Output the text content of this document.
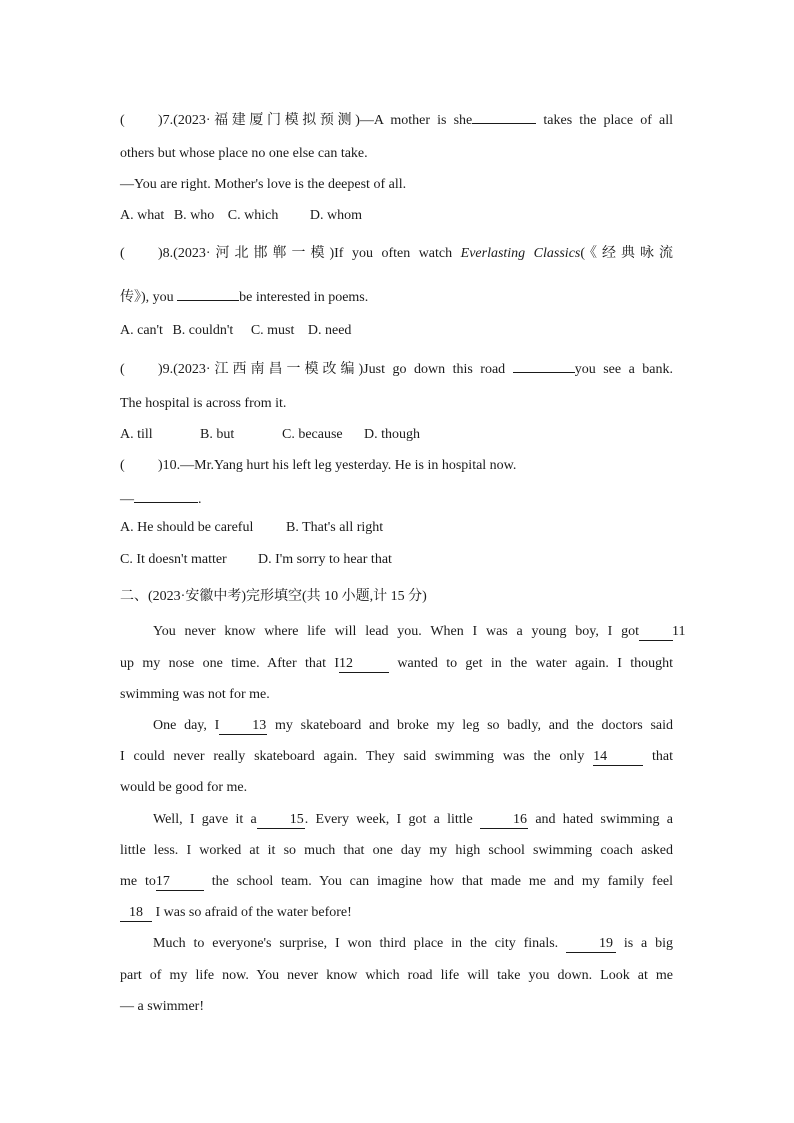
( )7.(2023·福建厦门模拟预测)—A mother is she	takes the place of all
others but whose place no one else can take.
—You are right. Mother's love is the deepest of all.
A. what B. who C. which D. whom
( )8.(2023·河北邯郸一模)If you often watch Everlasting Classics(《经典咏流
传》), you	be interested in poems.
A. can't B. couldn't C. must D. need
( )9.(2023·江西南昌一模改编)Just go down this road	you see a bank.
The hospital is across from it.
A. till	B. but	C. because D. though
( )10.—Mr.Yang hurt his left leg yesterday. He is in hospital now.
—	.
A. He should be careful B. That's all right
C. It doesn't matter D. I'm sorry to hear that
二、(2023·安徽中考)完形填空(共 10 小题,计 15 分)
You never know where life will lead you. When I was a young boy, I got 11
up my nose one time. After that I12	wanted to get in the water again. I thought
swimming was not for me.
One day, I 13 my skateboard and broke my leg so badly, and the doctors said
I could never really skateboard again. They said swimming was the only 14	that
would be good for me.
Well, I gave it a 15. Every week, I got a little	16 and hated swimming a
little less. I worked at it so much that one day my high school swimming coach asked
me to17	the school team. You can imagine how that made me and my family feel
18 I was so afraid of the water before!
Much to everyone's surprise, I won third place in the city finals.	19 is a big
part of my life now. You never know which road life will take you down. Look at me
— a swimmer!
